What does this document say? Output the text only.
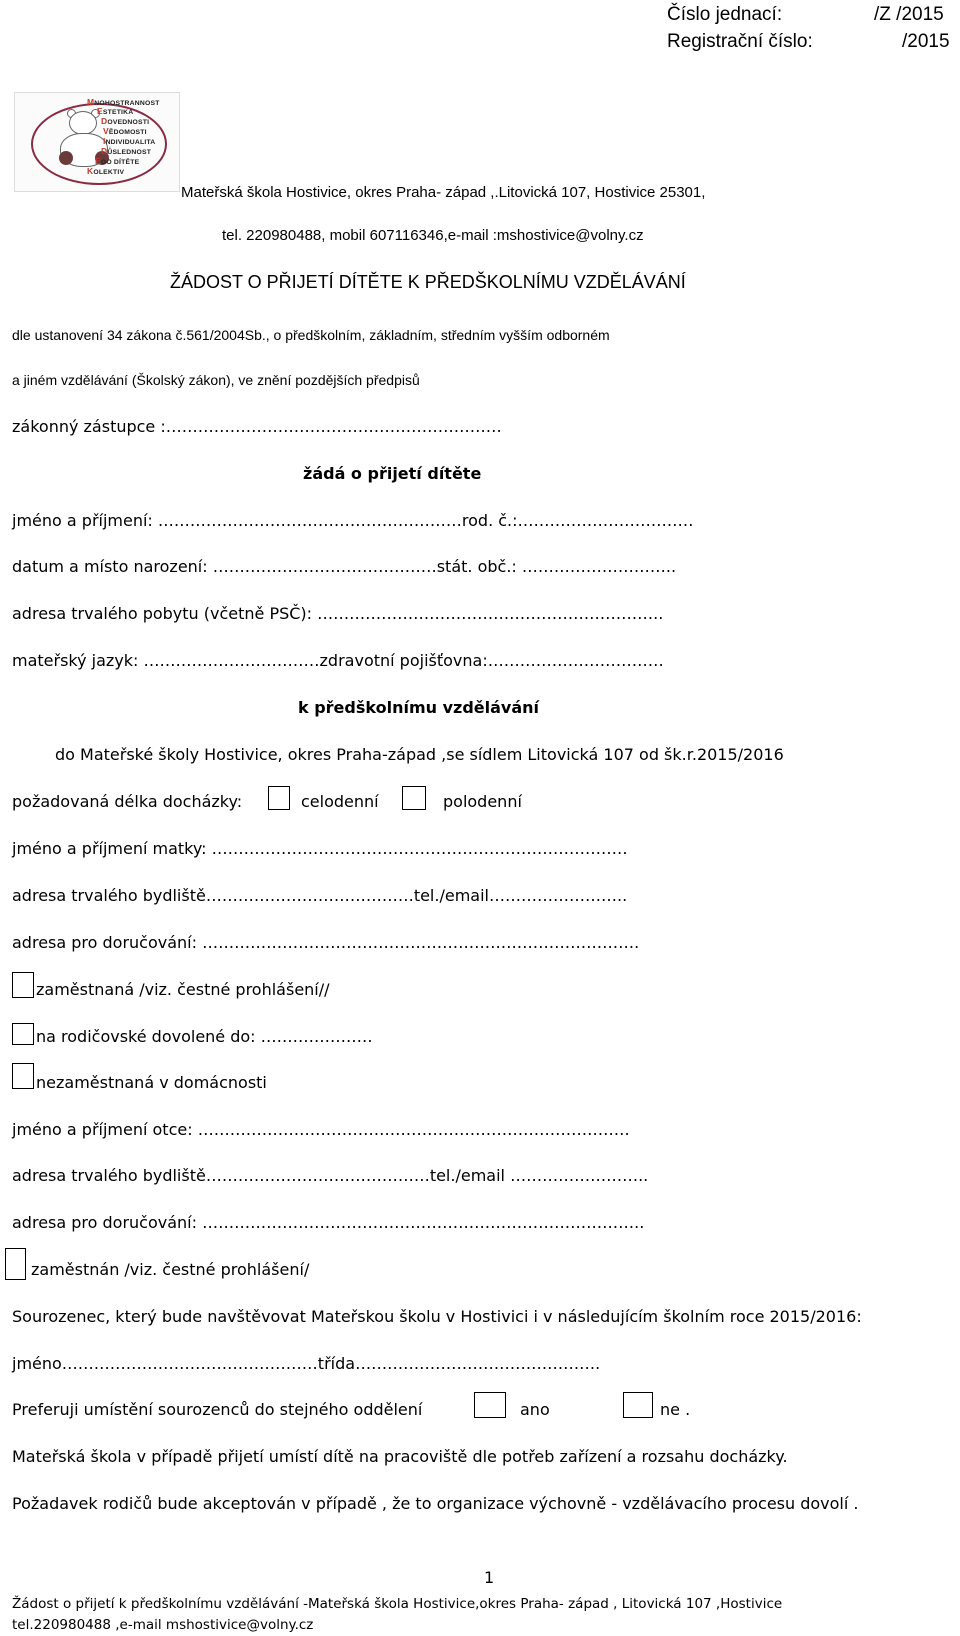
Číslo jednací:	/Z /2015
Registrační číslo:	/2015
MNOHOSTRANNOST
ESTETIKA
DOVEDNOSTI
VĚDOMOSTI
INDIVIDUALITA
DŮSLEDNOST
EGO DÍTĚTE
KOLEKTIV
Mateřská škola Hostivice, okres Praha- západ ,.Litovická 107, Hostivice 25301,
tel. 220980488, mobil 607116346,e-mail :mshostivice@volny.cz
ŽÁDOST O PŘIJETÍ DÍTĚTE K PŘEDŠKOLNÍMU VZDĚLÁVÁNÍ
dle ustanovení 34 zákona č.561/2004Sb., o předškolním, základním, středním vyšším odborném
a jiném vzdělávání (Školský zákon), ve znění pozdějších předpisů
zákonný zástupce :………………………………………………………
žádá o přijetí dítěte
jméno a příjmení: …………………………………………………rod. č.:……………………………
datum a místo narození: ……………………………………stát. obč.: ………………………..
adresa trvalého pobytu (včetně PSČ): ………………………………………………………..
mateřský jazyk: ……………………………zdravotní pojišťovna:……………………………
k předškolnímu vzdělávání
do Mateřské školy Hostivice, okres Praha-západ ,se sídlem Litovická 107 od šk.r.2015/2016
požadovaná délka docházky:	celodenní	polodenní
jméno a příjmení matky: ……………………………………………………………………
adresa trvalého bydliště…………………………………tel./email……………………..
adresa pro doručování: ……………………………………………………………………….
zaměstnaná /viz. čestné prohlášení//
na rodičovské dovolené do: …………………
nezaměstnaná v domácnosti
jméno a příjmení otce: ………………………………………………………………………
adresa trvalého bydliště……………………………………tel./email ……………………..
adresa pro doručování: ………………………………………………………………………..
zaměstnán /viz. čestné prohlášení/
Sourozenec, který bude navštěvovat Mateřskou školu v Hostivici i v následujícím školním roce 2015/2016:
jméno…………………………………………třída……………………………………….
Preferuji umístění sourozenců do stejného oddělení	ano	ne .
Mateřská škola v případě přijetí umístí dítě na pracoviště dle potřeb zařízení a rozsahu docházky.
Požadavek rodičů bude akceptován v případě , že to organizace výchovně - vzdělávacího procesu dovolí .
1
Žádost o přijetí k předškolnímu vzdělávání -Mateřská škola Hostivice,okres Praha- západ , Litovická 107 ,Hostivice
tel.220980488 ,e-mail mshostivice@volny.cz
